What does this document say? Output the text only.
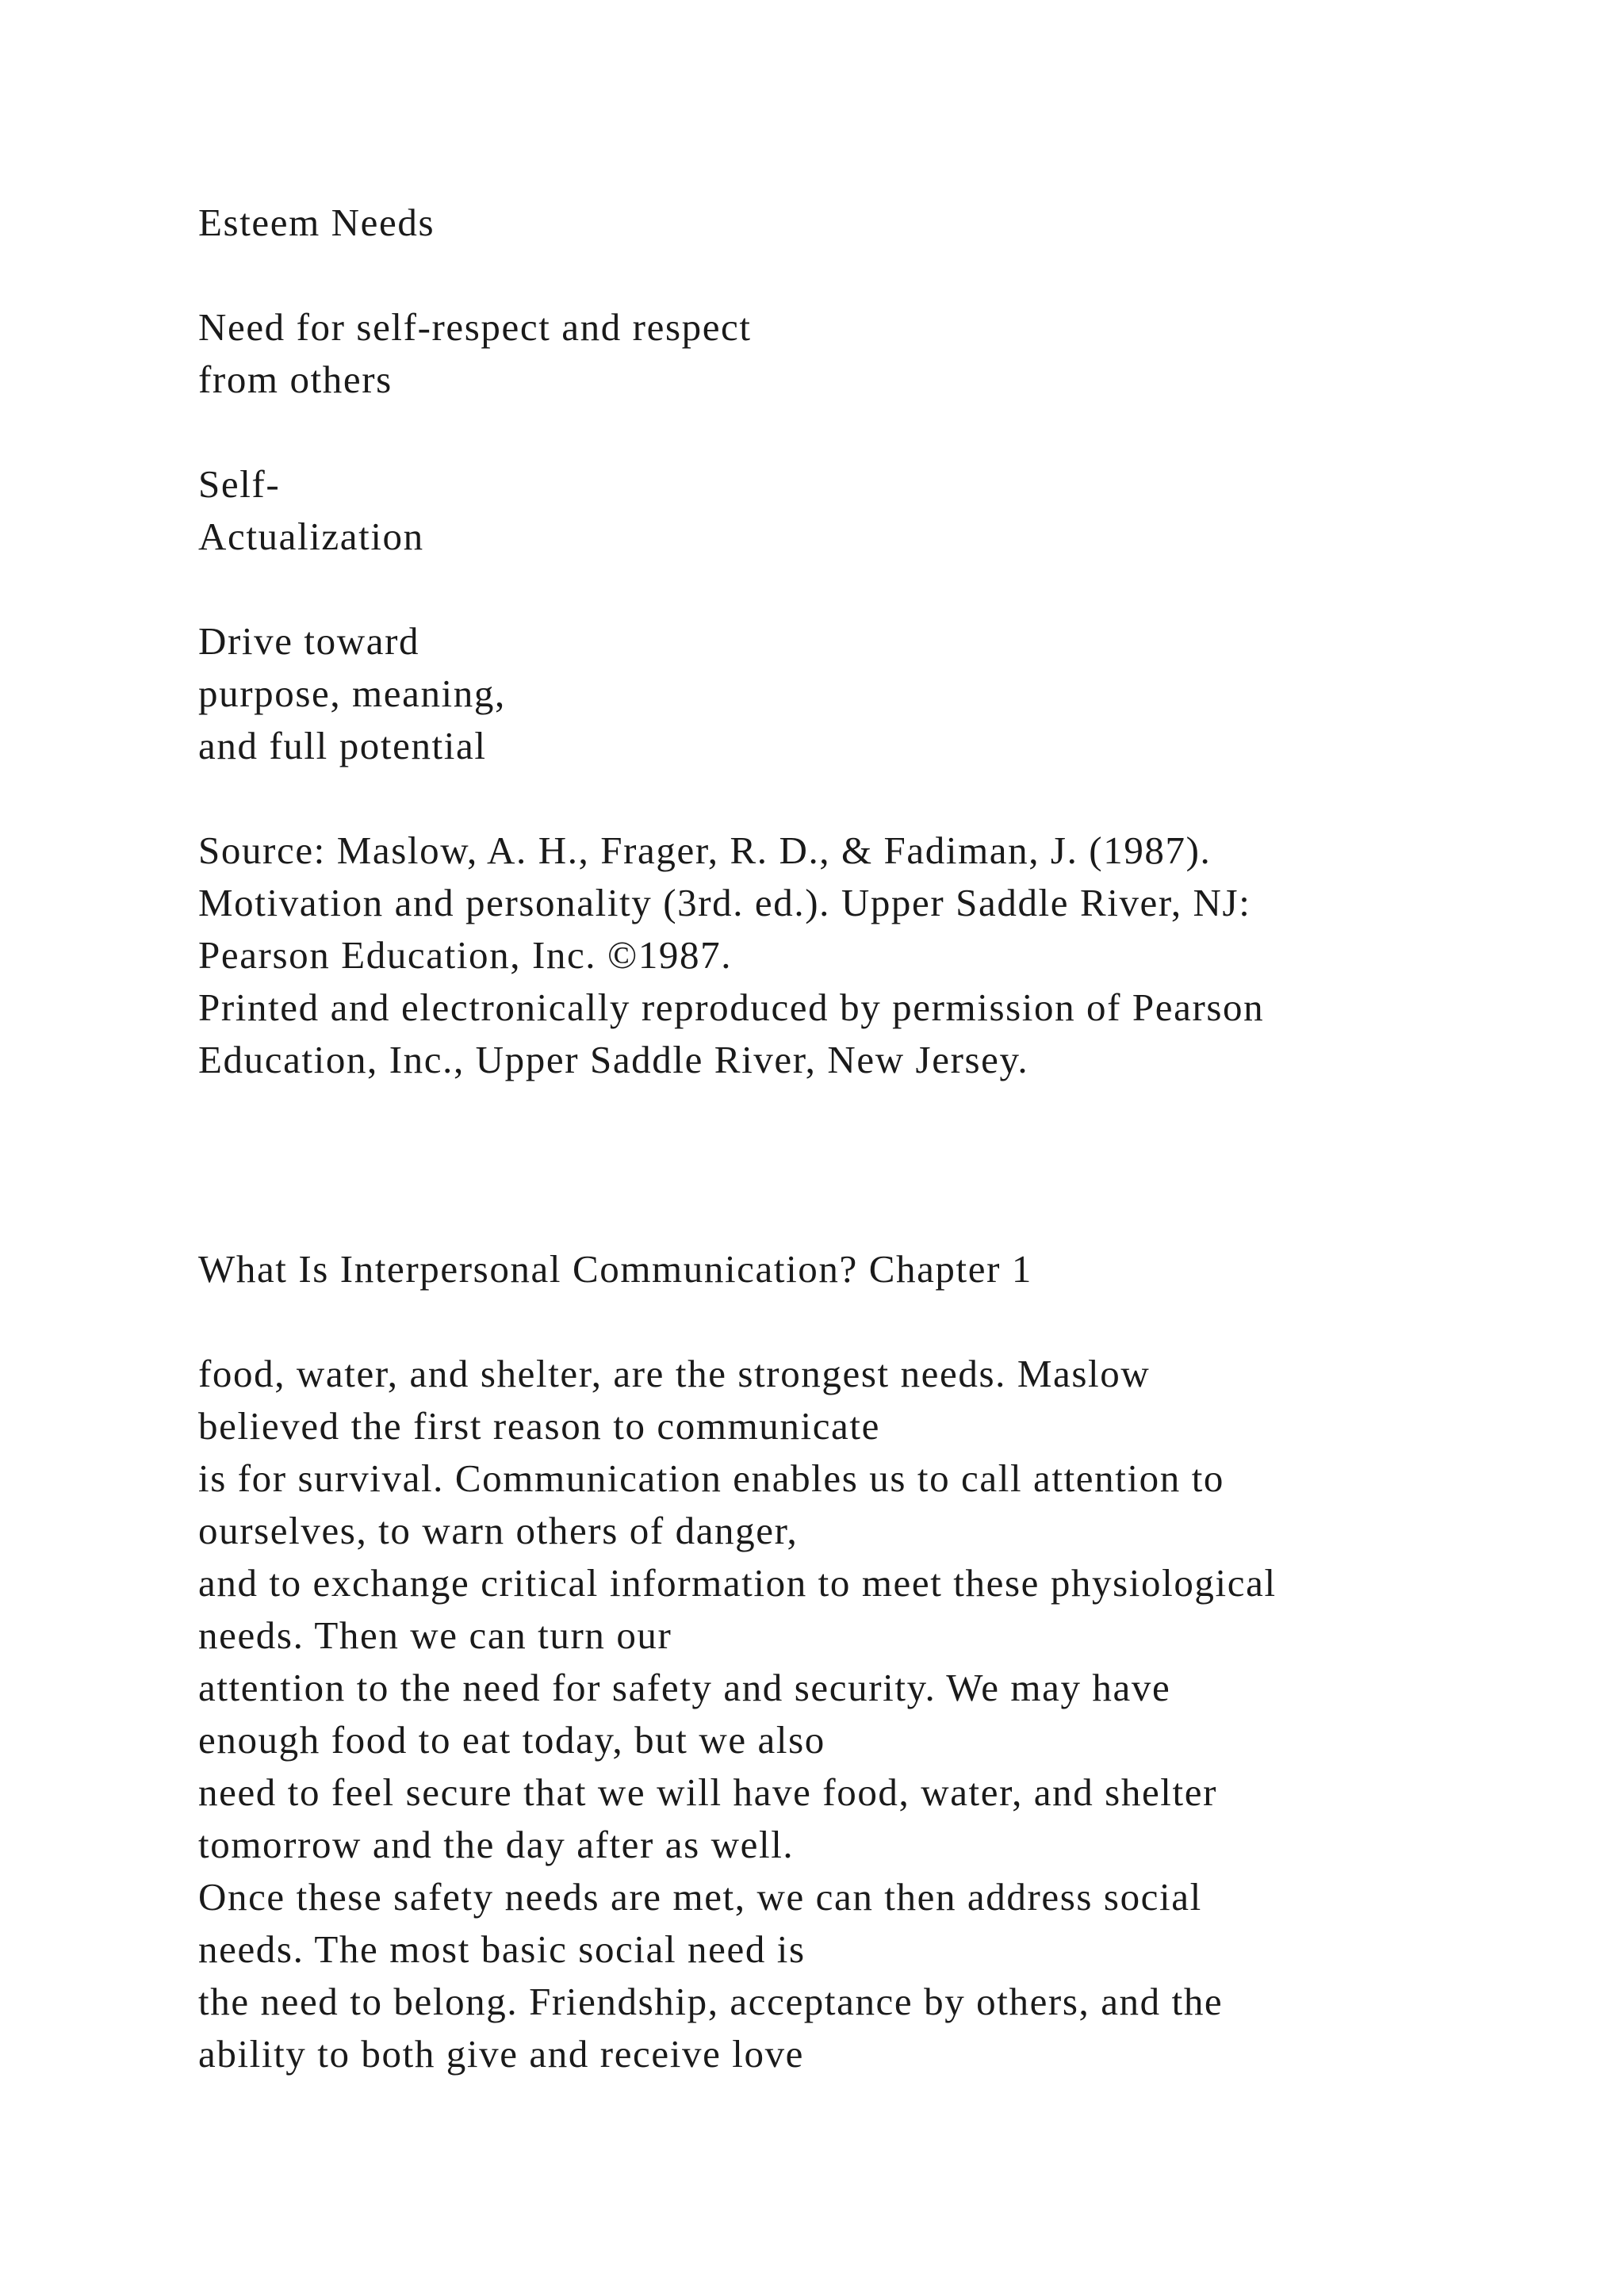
Esteem Needs
Need for self-respect and respect
from others
Self-
Actualization
Drive toward
purpose, meaning,
and full potential
Source: Maslow, A. H., Frager, R. D., & Fadiman, J. (1987).
Motivation and personality (3rd. ed.). Upper Saddle River, NJ:
Pearson Education, Inc. ©1987.
Printed and electronically reproduced by permission of Pearson
Education, Inc., Upper Saddle River, New Jersey.
What Is Interpersonal Communication? Chapter 1
food, water, and shelter, are the strongest needs. Maslow
believed the first reason to communicate
is for survival. Communication enables us to call attention to
ourselves, to warn others of danger,
and to exchange critical information to meet these physiological
needs. Then we can turn our
attention to the need for safety and security. We may have
enough food to eat today, but we also
need to feel secure that we will have food, water, and shelter
tomorrow and the day after as well.
Once these safety needs are met, we can then address social
needs. The most basic social need is
the need to belong. Friendship, acceptance by others, and the
ability to both give and receive love
